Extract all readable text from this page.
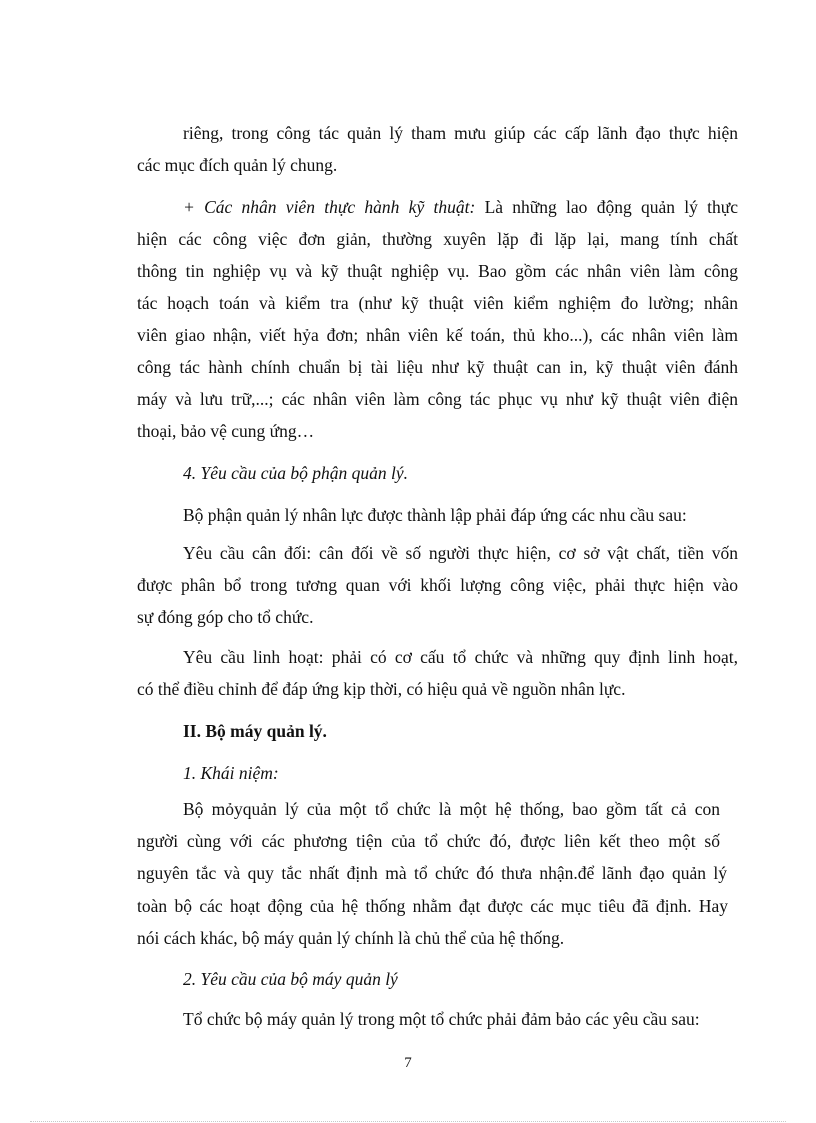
riêng, trong công tác quản lý tham mưu giúp các cấp lãnh đạo thực hiện
các mục đích quản lý chung.
+ Các nhân viên thực hành kỹ thuật: Là những lao động quản lý thực
hiện các công việc đơn giản, thường xuyên lặp đi lặp lại, mang tính chất
thông tin nghiệp vụ và kỹ thuật nghiệp vụ. Bao gồm các nhân viên làm công
tác hoạch toán và kiểm tra (như kỹ thuật viên kiểm nghiệm đo lường; nhân
viên giao nhận, viết hỷa đơn; nhân viên kế toán, thủ kho...), các nhân viên làm
công tác hành chính chuẩn bị tài liệu như kỹ thuật can in, kỹ thuật viên đánh
máy và lưu trữ,...; các nhân viên làm công tác phục vụ như kỹ thuật viên điện
thoại, bảo vệ cung ứng…
4. Yêu cầu của bộ phận quản lý.
Bộ phận quản lý nhân lực được thành lập phải đáp ứng các nhu cầu sau:
Yêu cầu cân đối: cân đối về số người thực hiện, cơ sở vật chất, tiền vốn
được phân bổ trong tương quan với khối lượng công việc, phải thực hiện vào
sự đóng góp cho tổ chức.
Yêu cầu linh hoạt: phải có cơ cấu tổ chức và những quy định linh hoạt,
có thể điều chỉnh để đáp ứng kịp thời, có hiệu quả về nguồn nhân lực.
II. Bộ máy quản lý.
1. Khái niệm:
Bộ mỏyquản lý của một tổ chức là một hệ thống, bao gồm tất cả con
người cùng với các phương tiện của tổ chức đó, được liên kết theo một số
nguyên tắc và quy tắc nhất định mà tổ chức đó thưa nhận.để lãnh đạo quản lý
toàn bộ các hoạt động của hệ thống nhằm đạt được các mục tiêu đã định. Hay
nói cách khác, bộ máy quản lý chính là chủ thể của hệ thống.
2. Yêu cầu của bộ máy quản lý
Tổ chức bộ máy quản lý trong một tổ chức phải đảm bảo các yêu cầu sau:
7
